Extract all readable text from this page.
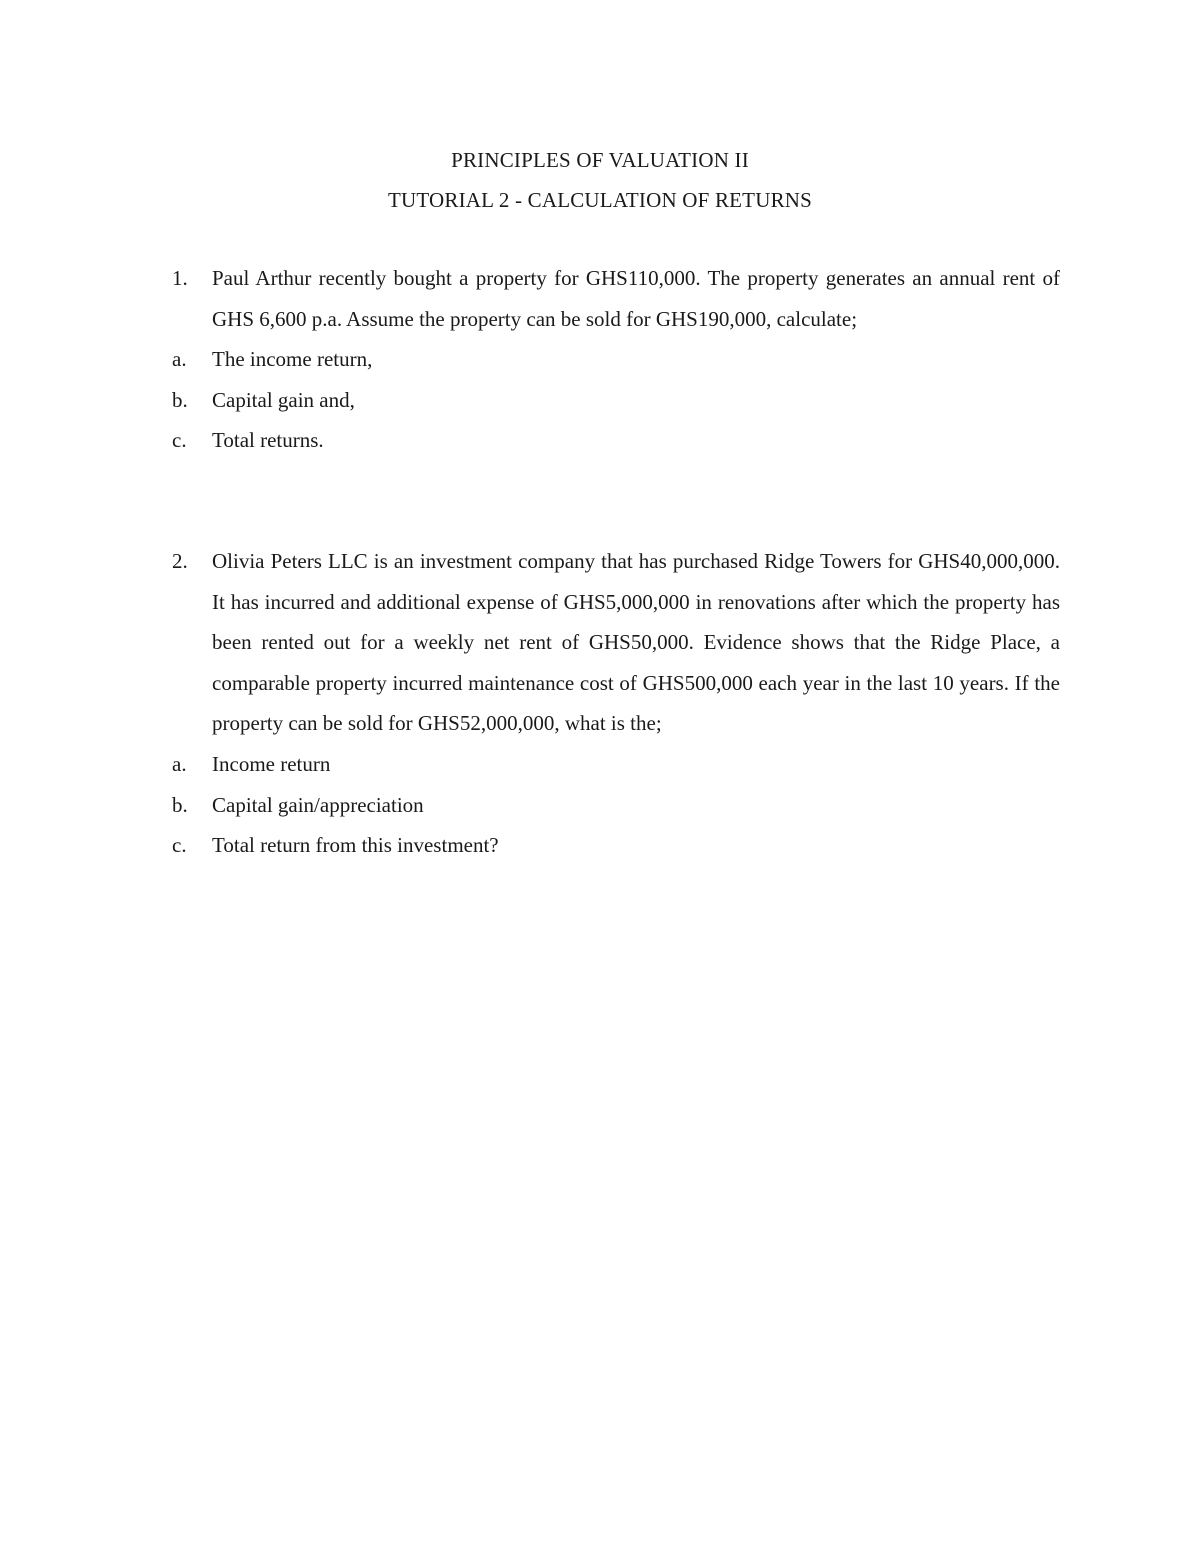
PRINCIPLES OF VALUATION II
TUTORIAL 2 - CALCULATION OF RETURNS
1.	Paul Arthur recently bought a property for GHS110,000. The property generates an annual rent of GHS 6,600 p.a. Assume the property can be sold for GHS190,000, calculate;

a.	The income return,
b.	Capital gain and,
c.	Total returns.
2.	Olivia Peters LLC is an investment company that has purchased Ridge Towers for GHS40,000,000. It has incurred and additional expense of GHS5,000,000 in renovations after which the property has been rented out for a weekly net rent of GHS50,000. Evidence shows that the Ridge Place, a comparable property incurred maintenance cost of GHS500,000 each year in the last 10 years. If the property can be sold for GHS52,000,000, what is the;

a.	Income return
b.	Capital gain/appreciation
c.	Total return from this investment?
